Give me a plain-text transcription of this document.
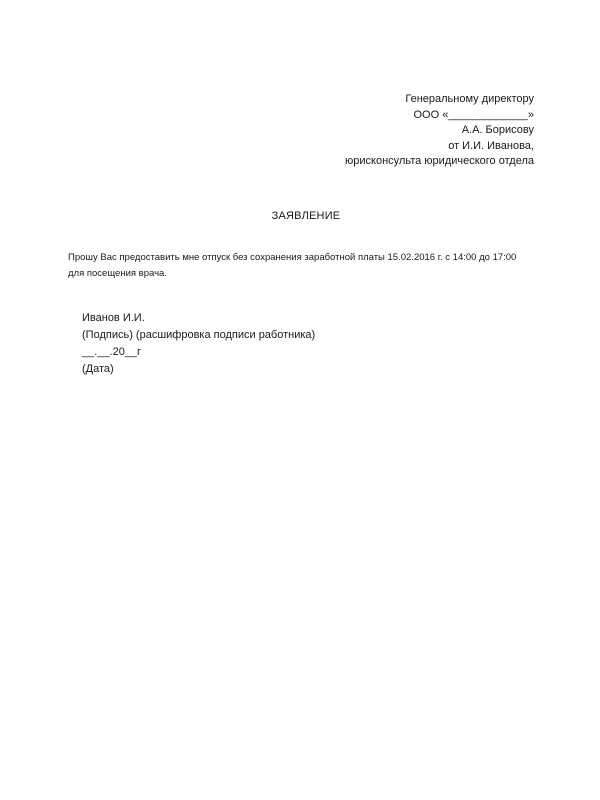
Генеральному директору
ООО «_____________»
А.А. Борисову
от И.И. Иванова,
юрисконсульта юридического отдела
ЗАЯВЛЕНИЕ
Прошу Вас предоставить мне отпуск без сохранения заработной платы 15.02.2016 г. с 14:00 до 17:00 для посещения врача.
Иванов И.И.
(Подпись) (расшифровка подписи работника)
__.__.20__г
(Дата)
